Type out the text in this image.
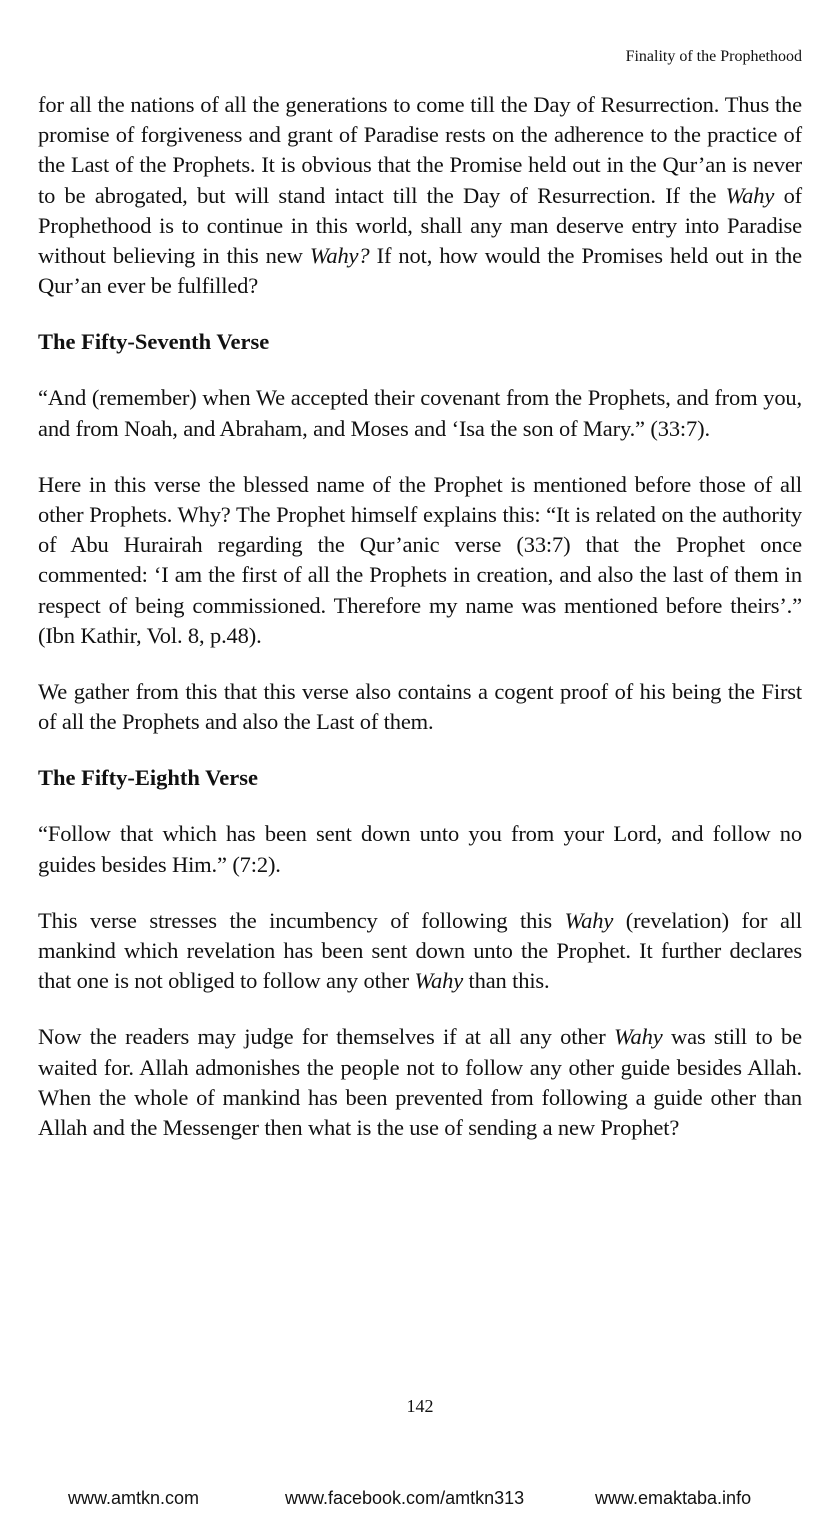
Finality of the Prophethood

for all the nations of all the generations to come till the Day of Resurrection. Thus the promise of forgiveness and grant of Paradise rests on the adherence to the practice of the Last of the Prophets. It is obvious that the Promise held out in the Qur’an is never to be abrogated, but will stand intact till the Day of Resurrection. If the Wahy of Prophethood is to continue in this world, shall any man deserve entry into Paradise without believing in this new Wahy? If not, how would the Promises held out in the Qur’an ever be fulfilled?

The Fifty-Seventh Verse

“And (remember) when We accepted their covenant from the Prophets, and from you, and from Noah, and Abraham, and Moses and ‘Isa the son of Mary.” (33:7).

Here in this verse the blessed name of the Prophet is mentioned before those of all other Prophets. Why? The Prophet himself explains this: “It is related on the authority of Abu Hurairah regarding the Qur’anic verse (33:7) that the Prophet once commented: ‘I am the first of all the Prophets in creation, and also the last of them in respect of being commissioned. Therefore my name was mentioned before theirs’.” (Ibn Kathir, Vol. 8, p.48).

We gather from this that this verse also contains a cogent proof of his being the First of all the Prophets and also the Last of them.

The Fifty-Eighth Verse

“Follow that which has been sent down unto you from your Lord, and follow no guides besides Him.” (7:2).

This verse stresses the incumbency of following this Wahy (revelation) for all mankind which revelation has been sent down unto the Prophet. It further declares that one is not obliged to follow any other Wahy than this.

Now the readers may judge for themselves if at all any other Wahy was still to be waited for. Allah admonishes the people not to follow any other guide besides Allah. When the whole of mankind has been prevented from following a guide other than Allah and the Messenger then what is the use of sending a new Prophet?

142
www.amtkn.com	www.facebook.com/amtkn313	www.emaktaba.info
